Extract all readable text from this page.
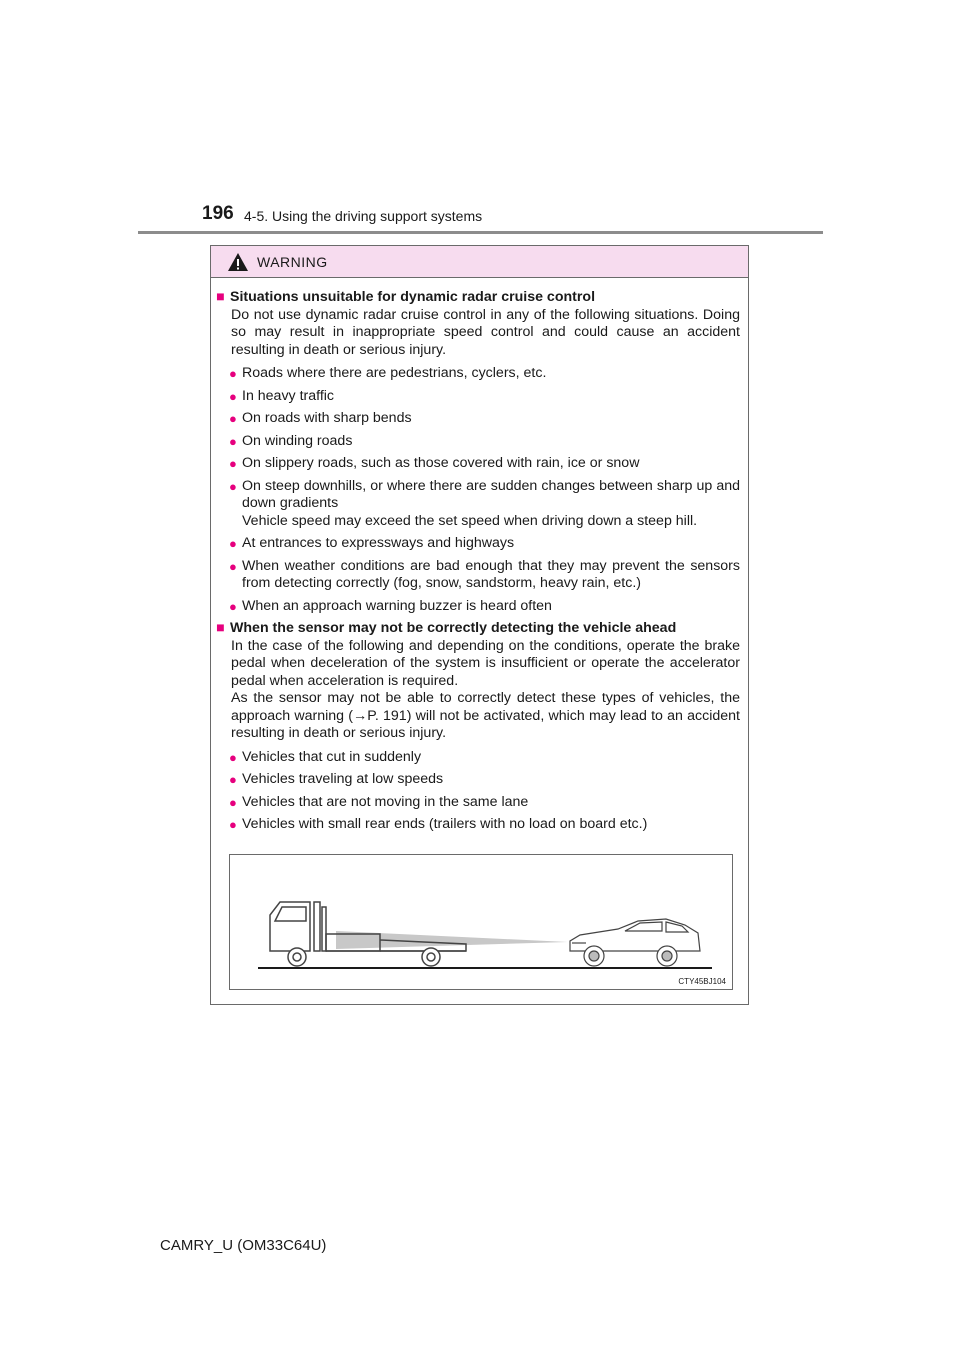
196 4-5. Using the driving support systems
WARNING
■ Situations unsuitable for dynamic radar cruise control
Do not use dynamic radar cruise control in any of the following situations. Doing so may result in inappropriate speed control and could cause an accident resulting in death or serious injury.
● Roads where there are pedestrians, cyclers, etc.
● In heavy traffic
● On roads with sharp bends
● On winding roads
● On slippery roads, such as those covered with rain, ice or snow
● On steep downhills, or where there are sudden changes between sharp up and down gradients
Vehicle speed may exceed the set speed when driving down a steep hill.
● At entrances to expressways and highways
● When weather conditions are bad enough that they may prevent the sensors from detecting correctly (fog, snow, sandstorm, heavy rain, etc.)
● When an approach warning buzzer is heard often
■ When the sensor may not be correctly detecting the vehicle ahead
In the case of the following and depending on the conditions, operate the brake pedal when deceleration of the system is insufficient or operate the accelerator pedal when acceleration is required.
As the sensor may not be able to correctly detect these types of vehicles, the approach warning (→P. 191) will not be activated, which may lead to an accident resulting in death or serious injury.
● Vehicles that cut in suddenly
● Vehicles traveling at low speeds
● Vehicles that are not moving in the same lane
● Vehicles with small rear ends (trailers with no load on board etc.)
CTY45BJ104
CAMRY_U (OM33C64U)
